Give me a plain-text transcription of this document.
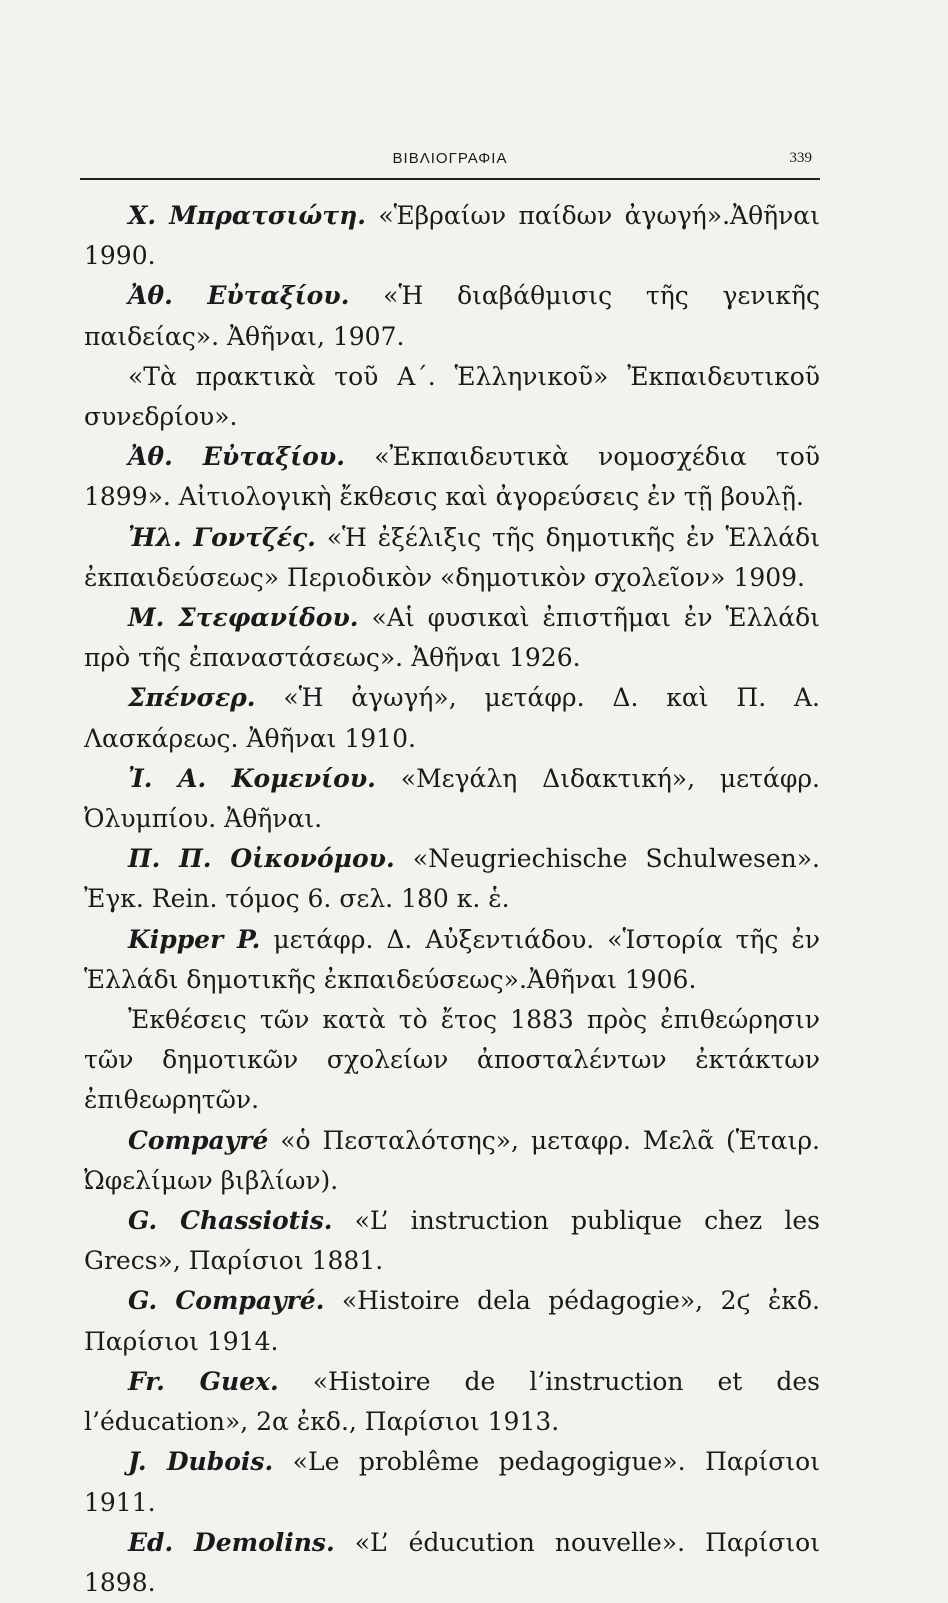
ΒΙΒΛΙΟΓΡΑΦΙΑ	339

Χ. Μπρατσιώτη. «Ἑβραίων παίδων ἀγωγή».Ἀθῆναι 1990.

Ἀθ. Εὐταξίου. «Ἡ διαβάθμισις τῆς γενικῆς παιδείας». Ἀθῆναι, 1907.

«Τὰ πρακτικὰ τοῦ Α΄. Ἑλληνικοῦ» Ἐκπαιδευτικοῦ συνεδρίου».

Ἀθ. Εὐταξίου. «Ἐκπαιδευτικὰ νομοσχέδια τοῦ 1899». Αἰτιολογικὴ ἔκθεσις καὶ ἀγορεύσεις ἐν τῇ βουλῇ.

Ἠλ. Γοντζές. «Ἡ ἐξέλιξις τῆς δημοτικῆς ἐν Ἑλλάδι ἐκπαιδεύσεως» Περιοδικὸν «δημοτικὸν σχολεῖον» 1909.

Μ. Στεφανίδου. «Αἱ φυσικαὶ ἐπιστῆμαι ἐν Ἑλλάδι πρὸ τῆς ἐπαναστάσεως». Ἀθῆναι 1926.

Σπένσερ. «Ἡ ἀγωγή», μετάφρ. Δ. καὶ Π. Α. Λασκάρεως. Ἀθῆναι 1910.

Ἰ. Α. Κομενίου. «Μεγάλη Διδακτική», μετάφρ. Ὀλυμπίου. Ἀθῆναι.

Π. Π. Οἰκονόμου. «Neugriechische Schulwesen». Ἐγκ. Rein. τόμος 6. σελ. 180 κ. ἑ.

Kipper P. μετάφρ. Δ. Αὐξεντιάδου. «Ἱστορία τῆς ἐν Ἑλλάδι δημοτικῆς ἐκπαιδεύσεως».Ἀθῆναι 1906.

Ἐκθέσεις τῶν κατὰ τὸ ἔτος 1883 πρὸς ἐπιθεώρησιν τῶν δημοτικῶν σχολείων ἀποσταλέντων ἐκτάκτων ἐπιθεωρητῶν.

Compayré «ὁ Πεσταλότσης», μεταφρ. Μελᾶ (Ἑταιρ. Ὠφελίμων βιβλίων).

G. Chassiotis. «L’ instruction publique chez les Grecs», Παρίσιοι 1881.

G. Compayré. «Histoire dela pédagogie», 2ϛ ἐκδ. Παρίσιοι 1914.

Fr. Guex. «Histoire de l’instruction et des l’éducation», 2α ἐκδ., Παρίσιοι 1913.

J. Dubois. «Le problême pedagogigue». Παρίσιοι 1911.

Ed. Demolins. «L’ éducution nouvelle». Παρίσιοι 1898.
